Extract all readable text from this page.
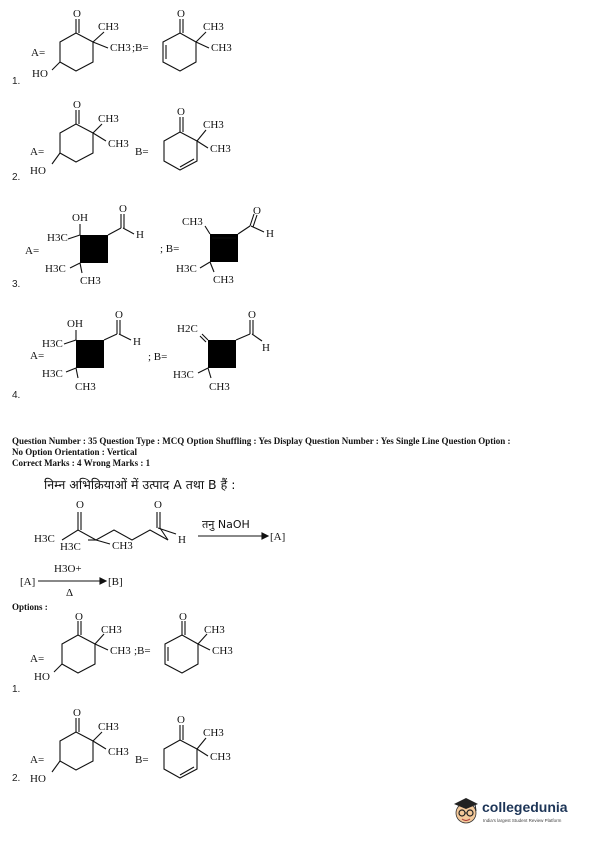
O
CH3
CH3
HO
A=	;B=
O
CH3
CH3
1.
O
CH3
CH3
HO
A=	B=
O
CH3
CH3
2.
OH
O
H
H3C
A=
H3C
CH3
; B=
CH3
O
H
H3C
CH3
3.
OH
O
H
H3C
A=
H3C
CH3
; B=
H2C
O
H
H3C
CH3
4.
Question Number : 35 Question Type : MCQ Option Shuffling : Yes Display Question Number : Yes Single Line Question Option :
No Option Orientation : Vertical
Correct Marks : 4 Wrong Marks : 1
निम्न अभिक्रियाओं में उत्पाद A तथा B हैं :
O	O
H
H3C
H3C	CH3
तनु NaOH
[A]
[A]
H3O+
Δ
[B]
Options :
O
CH3
CH3
HO
A=
;B=
O
CH3
CH3
1.
O
CH3
CH3
HO
A=	B=
O
CH3
CH3
2.
collegedunia
India's largest Student Review Platform
